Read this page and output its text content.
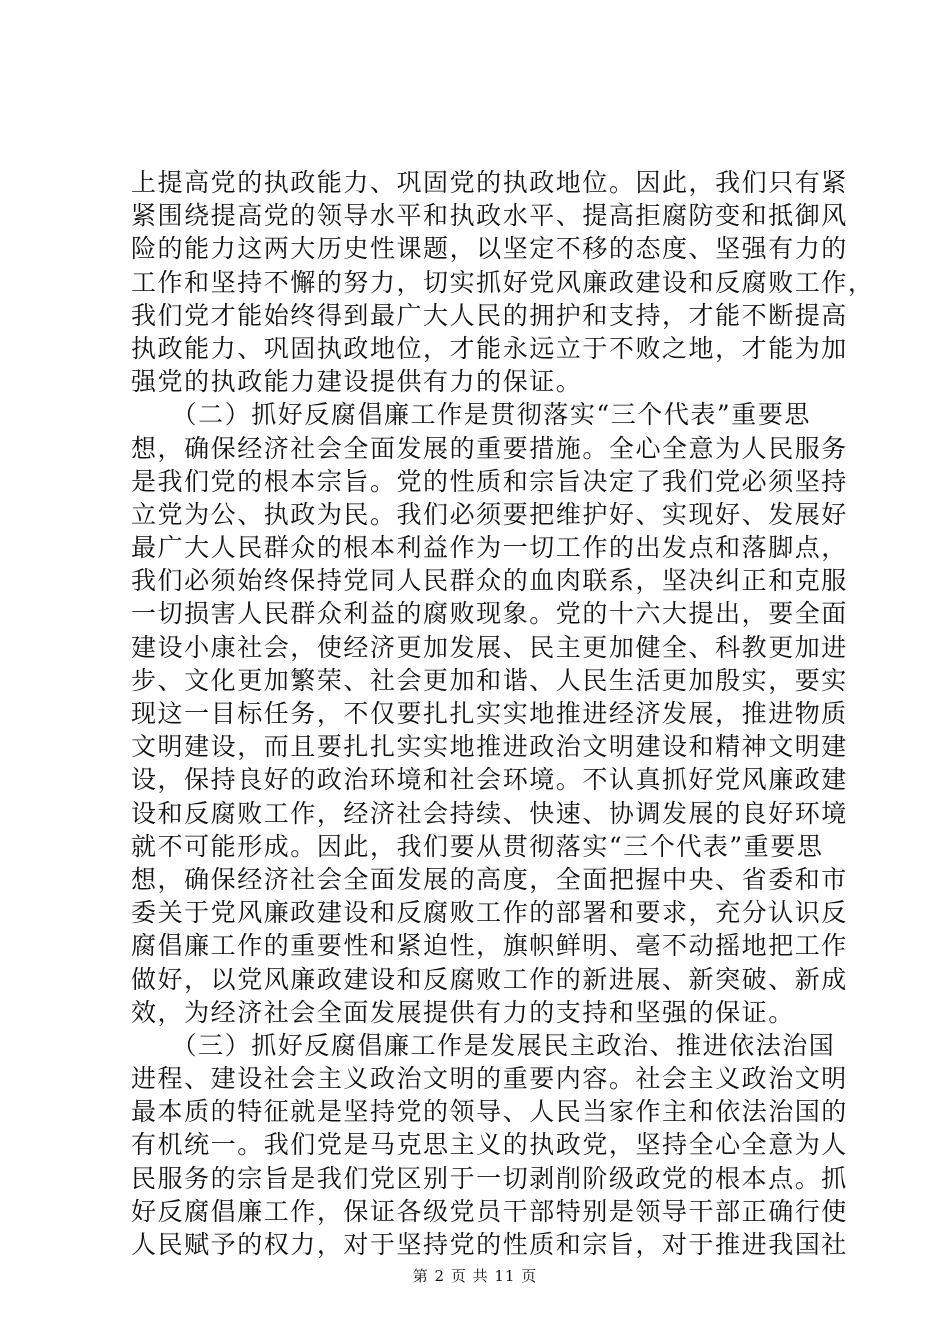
上提高党的执政能力、巩固党的执政地位。因此，我们只有紧
紧围绕提高党的领导水平和执政水平、提高拒腐防变和抵御风
险的能力这两大历史性课题，以坚定不移的态度、坚强有力的
工作和坚持不懈的努力，切实抓好党风廉政建设和反腐败工作，
我们党才能始终得到最广大人民的拥护和支持，才能不断提高
执政能力、巩固执政地位，才能永远立于不败之地，才能为加
强党的执政能力建设提供有力的保证。
　　（二）抓好反腐倡廉工作是贯彻落实“三个代表”重要思
想，确保经济社会全面发展的重要措施。全心全意为人民服务
是我们党的根本宗旨。党的性质和宗旨决定了我们党必须坚持
立党为公、执政为民。我们必须要把维护好、实现好、发展好
最广大人民群众的根本利益作为一切工作的出发点和落脚点，
我们必须始终保持党同人民群众的血肉联系，坚决纠正和克服
一切损害人民群众利益的腐败现象。党的十六大提出，要全面
建设小康社会，使经济更加发展、民主更加健全、科教更加进
步、文化更加繁荣、社会更加和谐、人民生活更加殷实，要实
现这一目标任务，不仅要扎扎实实地推进经济发展，推进物质
文明建设，而且要扎扎实实地推进政治文明建设和精神文明建
设，保持良好的政治环境和社会环境。不认真抓好党风廉政建
设和反腐败工作，经济社会持续、快速、协调发展的良好环境
就不可能形成。因此，我们要从贯彻落实“三个代表”重要思
想，确保经济社会全面发展的高度，全面把握中央、省委和市
委关于党风廉政建设和反腐败工作的部署和要求，充分认识反
腐倡廉工作的重要性和紧迫性，旗帜鲜明、毫不动摇地把工作
做好，以党风廉政建设和反腐败工作的新进展、新突破、新成
效，为经济社会全面发展提供有力的支持和坚强的保证。
　　（三）抓好反腐倡廉工作是发展民主政治、推进依法治国
进程、建设社会主义政治文明的重要内容。社会主义政治文明
最本质的特征就是坚持党的领导、人民当家作主和依法治国的
有机统一。我们党是马克思主义的执政党，坚持全心全意为人
民服务的宗旨是我们党区别于一切剥削阶级政党的根本点。抓
好反腐倡廉工作，保证各级党员干部特别是领导干部正确行使
人民赋予的权力，对于坚持党的性质和宗旨，对于推进我国社
第 2 页 共 11 页
